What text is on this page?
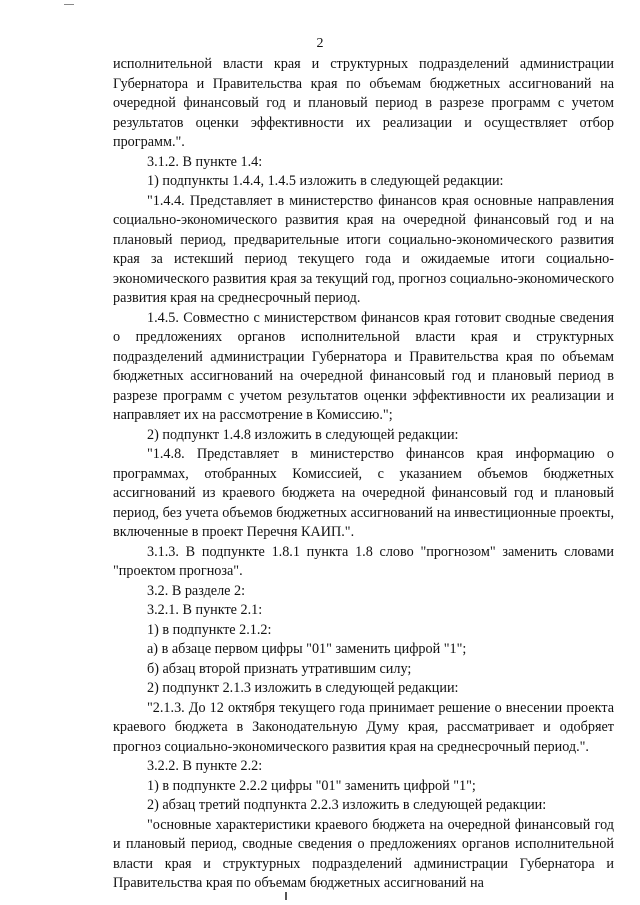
2

исполнительной власти края и структурных подразделений администрации Губернатора и Правительства края по объемам бюджетных ассигнований на очередной финансовый год и плановый период в разрезе программ с учетом результатов оценки эффективности их реализации и осуществляет отбор программ.".

3.1.2. В пункте 1.4:

1) подпункты 1.4.4, 1.4.5 изложить в следующей редакции:

"1.4.4. Представляет в министерство финансов края основные направления социально-экономического развития края на очередной финансовый год и на плановый период, предварительные итоги социально-экономического развития края за истекший период текущего года и ожидаемые итоги социально-экономического развития края за текущий год, прогноз социально-экономического развития края на среднесрочный период.

1.4.5. Совместно с министерством финансов края готовит сводные сведения о предложениях органов исполнительной власти края и структурных подразделений администрации Губернатора и Правительства края по объемам бюджетных ассигнований на очередной финансовый год и плановый период в разрезе программ с учетом результатов оценки эффективности их реализации и направляет их на рассмотрение в Комиссию.";

2) подпункт 1.4.8 изложить в следующей редакции:

"1.4.8. Представляет в министерство финансов края информацию о программах, отобранных Комиссией, с указанием объемов бюджетных ассигнований из краевого бюджета на очередной финансовый год и плановый период, без учета объемов бюджетных ассигнований на инвестиционные проекты, включенные в проект Перечня КАИП.".

3.1.3. В подпункте 1.8.1 пункта 1.8 слово "прогнозом" заменить словами "проектом прогноза".

3.2. В разделе 2:

3.2.1. В пункте 2.1:

1) в подпункте 2.1.2:

а) в абзаце первом цифры "01" заменить цифрой "1";

б) абзац второй признать утратившим силу;

2) подпункт 2.1.3 изложить в следующей редакции:

"2.1.3. До 12 октября текущего года принимает решение о внесении проекта краевого бюджета в Законодательную Думу края, рассматривает и одобряет прогноз социально-экономического развития края на среднесрочный период.".

3.2.2. В пункте 2.2:

1) в подпункте 2.2.2 цифры "01" заменить цифрой "1";

2) абзац третий подпункта 2.2.3 изложить в следующей редакции:

"основные характеристики краевого бюджета на очередной финансовый год и плановый период, сводные сведения о предложениях органов исполнительной власти края и структурных подразделений администрации Губернатора и Правительства края по объемам бюджетных ассигнований на
